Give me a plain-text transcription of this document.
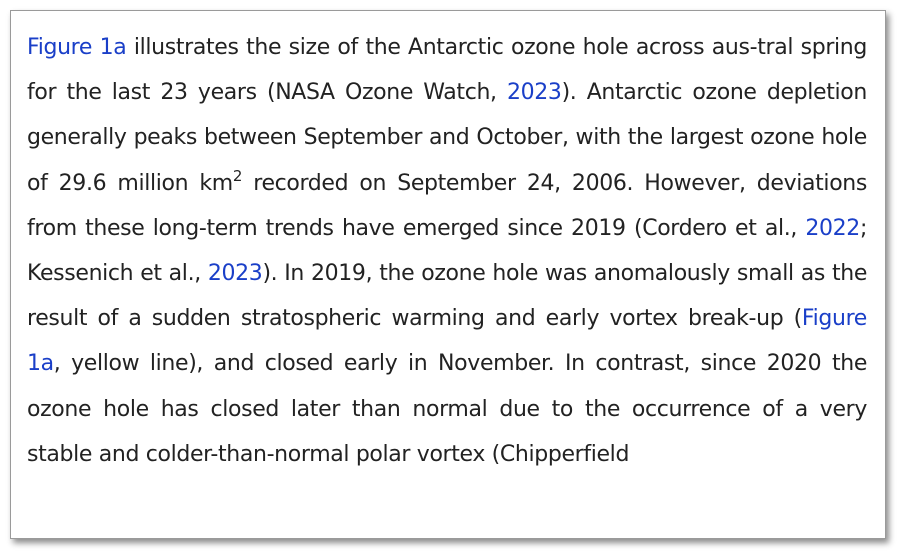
Figure 1a illustrates the size of the Antarctic ozone hole across aus-tral spring for the last 23 years (NASA Ozone Watch, 2023). Antarctic ozone depletion generally peaks between September and October, with the largest ozone hole of 29.6 million $km^2$ recorded on September 24, 2006. However, deviations from these long-term trends have emerged since 2019 (Cordero et al., 2022; Kessenich et al., 2023). In 2019, the ozone hole was anomalously small as the result of a sudden stratospheric warming and early vortex break-up (Figure 1a, yellow line), and closed early in November. In contrast, since 2020 the ozone hole has closed later than normal due to the occurrence of a very stable and colder-than-normal polar vortex (Chipperfield
